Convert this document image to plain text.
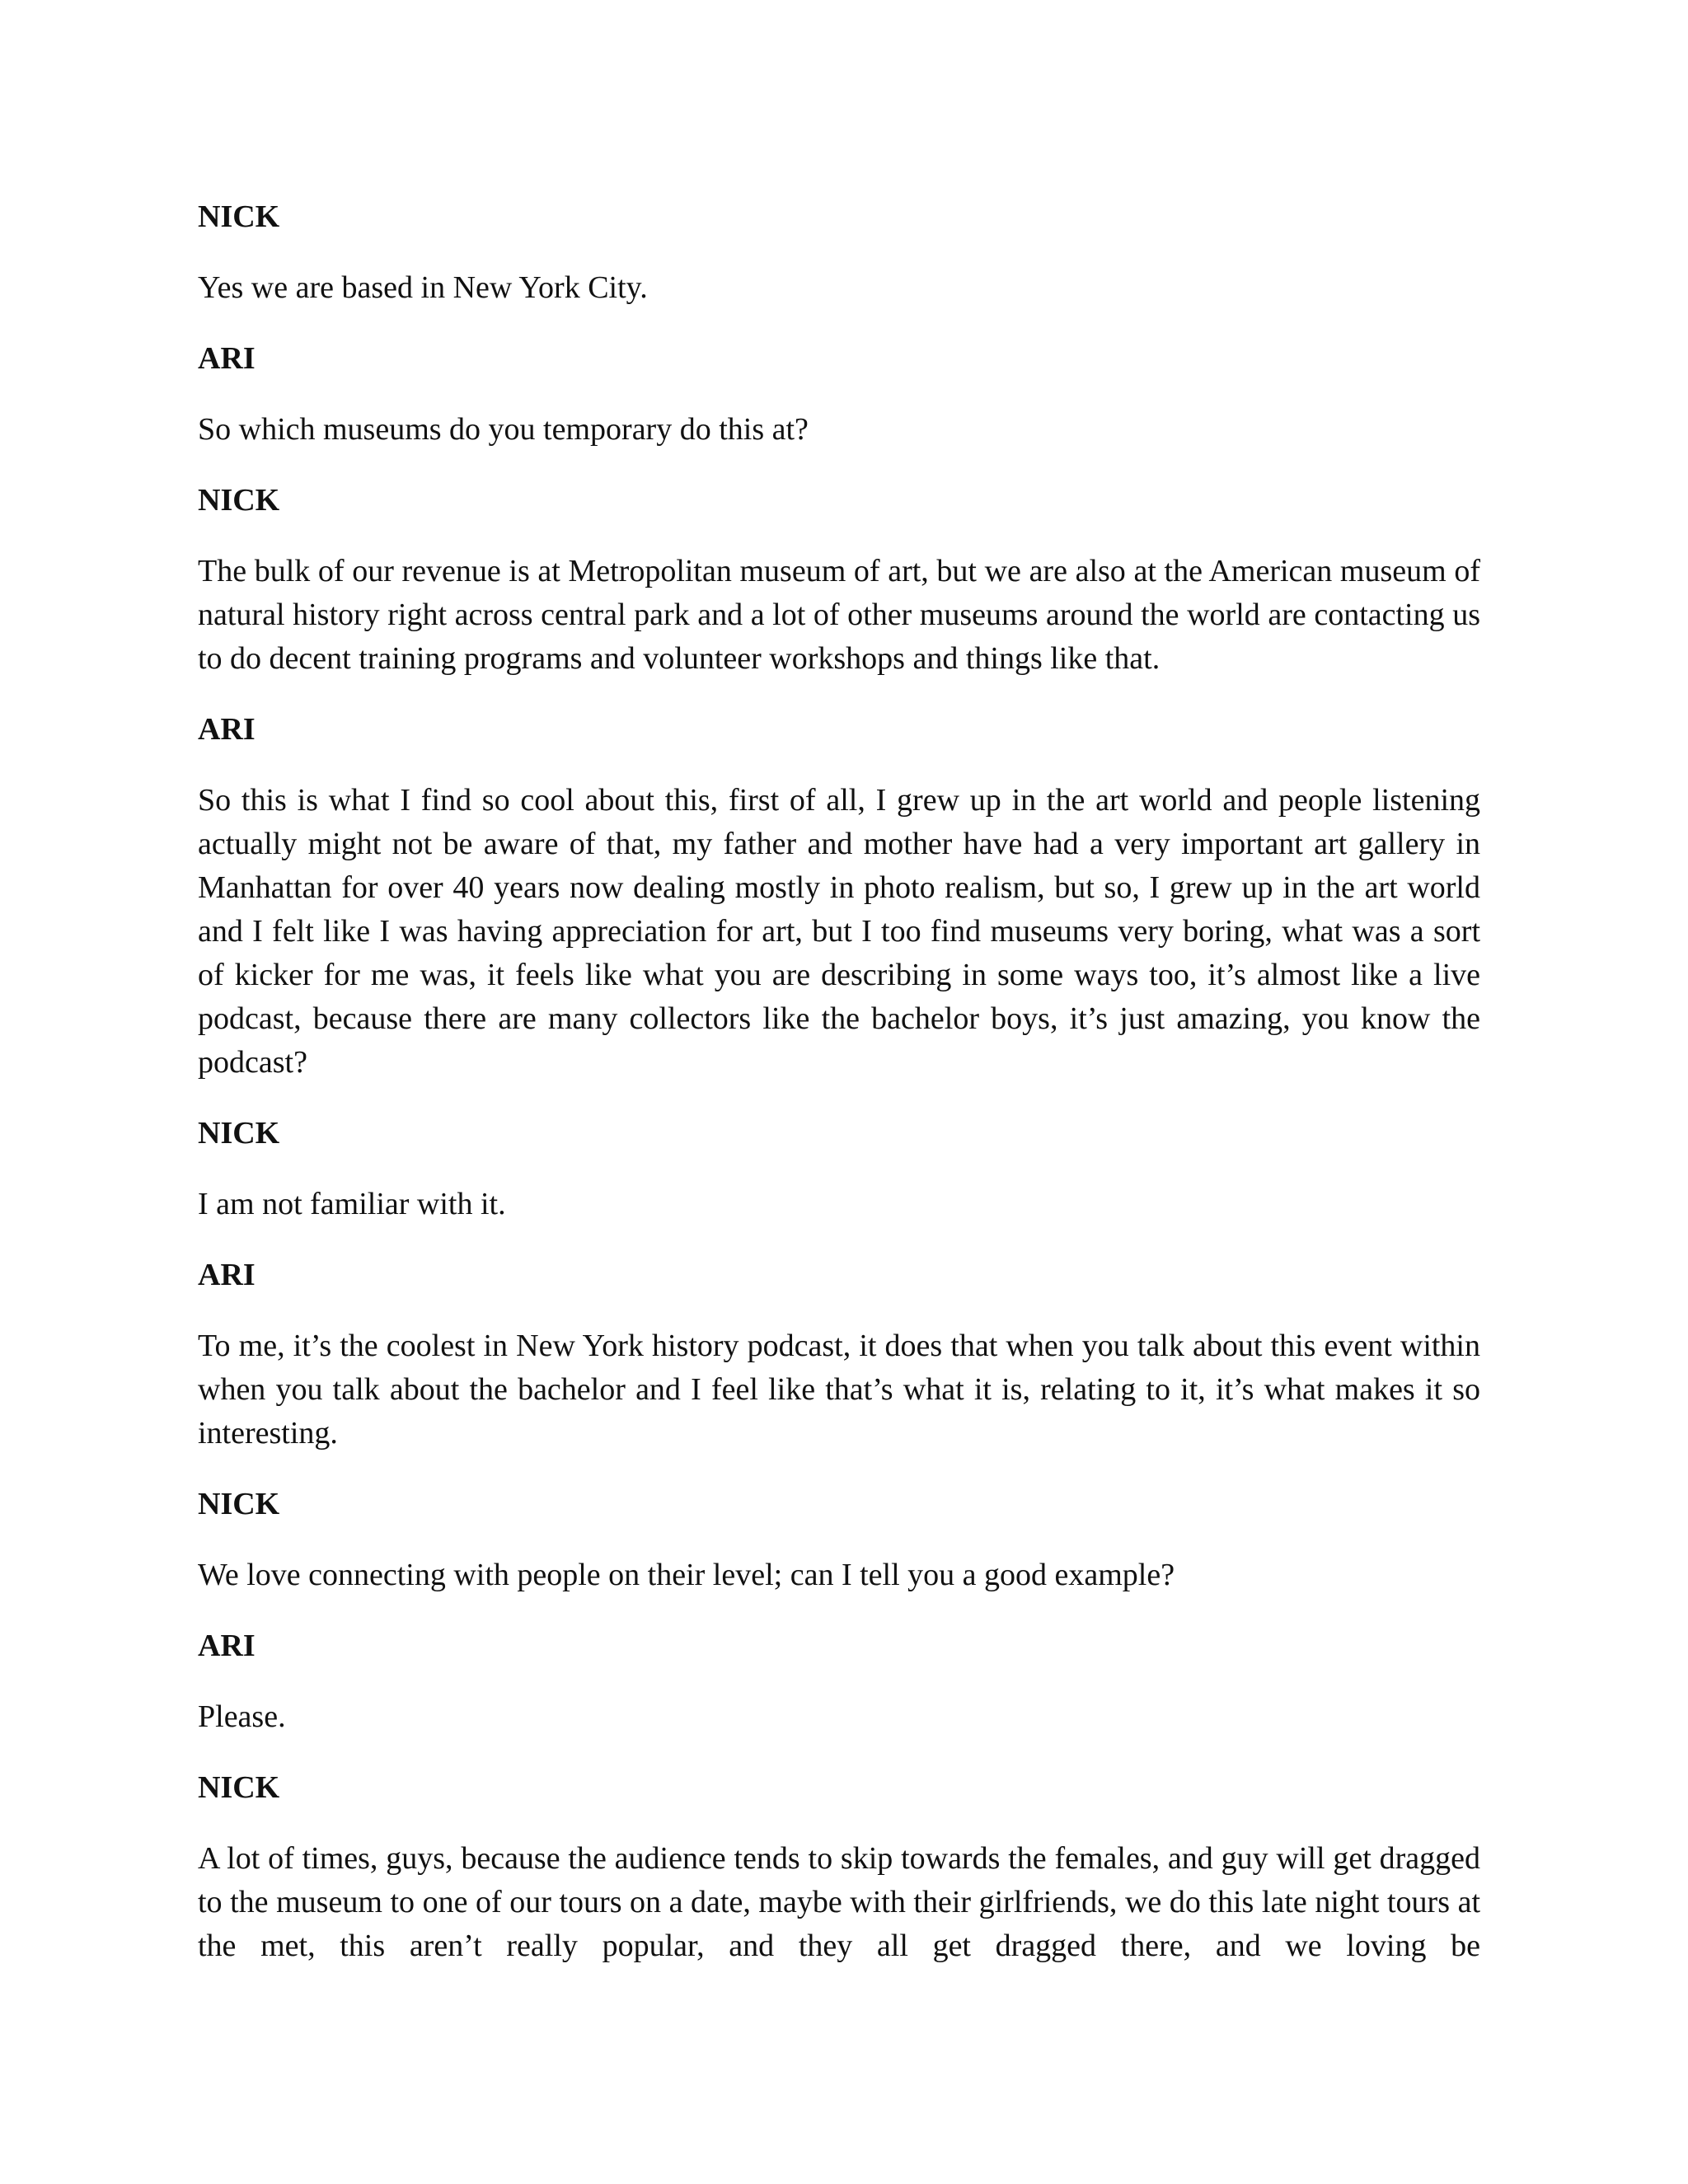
NICK

Yes we are based in New York City.

ARI

So which museums do you temporary do this at?

NICK

The bulk of our revenue is at Metropolitan museum of art, but we are also at the American museum of natural history right across central park and a lot of other museums around the world are contacting us to do decent training programs and volunteer workshops and things like that.

ARI

So this is what I find so cool about this, first of all, I grew up in the art world and people listening actually might not be aware of that, my father and mother have had a very important art gallery in Manhattan for over 40 years now dealing mostly in photo realism, but so, I grew up in the art world and I felt like I was having appreciation for art, but I too find museums very boring, what was a sort of kicker for me was, it feels like what you are describing in some ways too, it’s almost like a live podcast, because there are many collectors like the bachelor boys, it’s just amazing, you know the podcast?

NICK

I am not familiar with it.

ARI

To me, it’s the coolest in New York history podcast, it does that when you talk about this event within when you talk about the bachelor and I feel like that’s what it is, relating to it, it’s what makes it so interesting.

NICK

We love connecting with people on their level; can I tell you a good example?

ARI

Please.

NICK

A lot of times, guys, because the audience tends to skip towards the females, and guy will get dragged to the museum to one of our tours on a date, maybe with their girlfriends, we do this late night tours at the met, this aren’t really popular, and they all get dragged there, and we loving be
